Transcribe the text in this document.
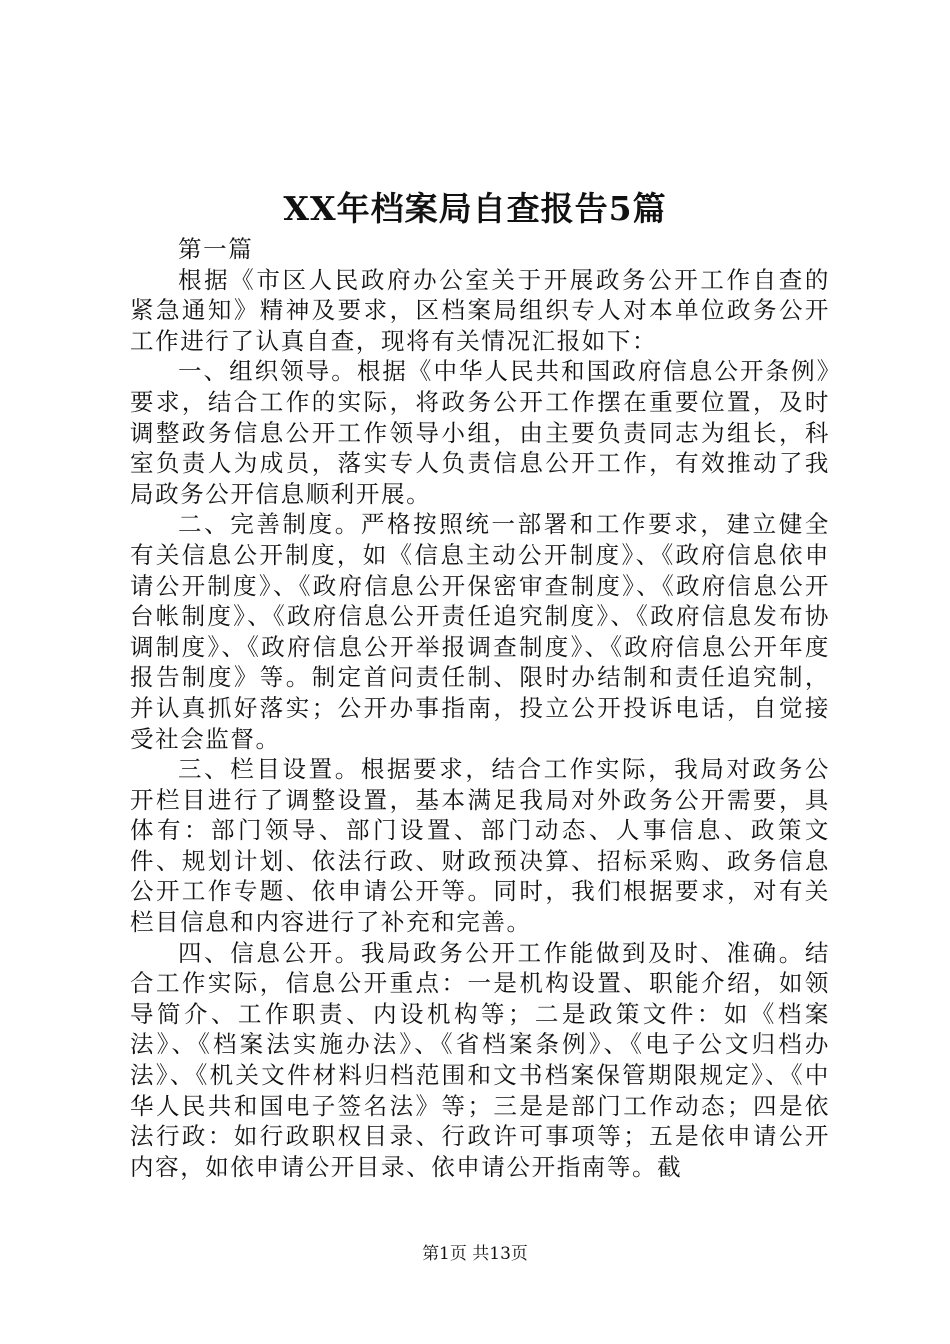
XX年档案局自查报告5篇

第一篇

根据《市区人民政府办公室关于开展政务公开工作自查的紧急通知》精神及要求，区档案局组织专人对本单位政务公开工作进行了认真自查，现将有关情况汇报如下：

一、组织领导。根据《中华人民共和国政府信息公开条例》要求，结合工作的实际，将政务公开工作摆在重要位置，及时调整政务信息公开工作领导小组，由主要负责同志为组长，科室负责人为成员，落实专人负责信息公开工作，有效推动了我局政务公开信息顺利开展。

二、完善制度。严格按照统一部署和工作要求，建立健全有关信息公开制度，如《信息主动公开制度》、《政府信息依申请公开制度》、《政府信息公开保密审查制度》、《政府信息公开台帐制度》、《政府信息公开责任追究制度》、《政府信息发布协调制度》、《政府信息公开举报调查制度》、《政府信息公开年度报告制度》等。制定首问责任制、限时办结制和责任追究制，并认真抓好落实；公开办事指南，投立公开投诉电话，自觉接受社会监督。

三、栏目设置。根据要求，结合工作实际，我局对政务公开栏目进行了调整设置，基本满足我局对外政务公开需要，具体有：部门领导、部门设置、部门动态、人事信息、政策文件、规划计划、依法行政、财政预决算、招标采购、政务信息公开工作专题、依申请公开等。同时，我们根据要求，对有关栏目信息和内容进行了补充和完善。

四、信息公开。我局政务公开工作能做到及时、准确。结合工作实际，信息公开重点：一是机构设置、职能介绍，如领导简介、工作职责、内设机构等；二是政策文件：如《档案法》、《档案法实施办法》、《省档案条例》、《电子公文归档办法》、《机关文件材料归档范围和文书档案保管期限规定》、《中华人民共和国电子签名法》等；三是是部门工作动态；四是依法行政：如行政职权目录、行政许可事项等；五是依申请公开内容，如依申请公开目录、依申请公开指南等。截

第1页 共13页
